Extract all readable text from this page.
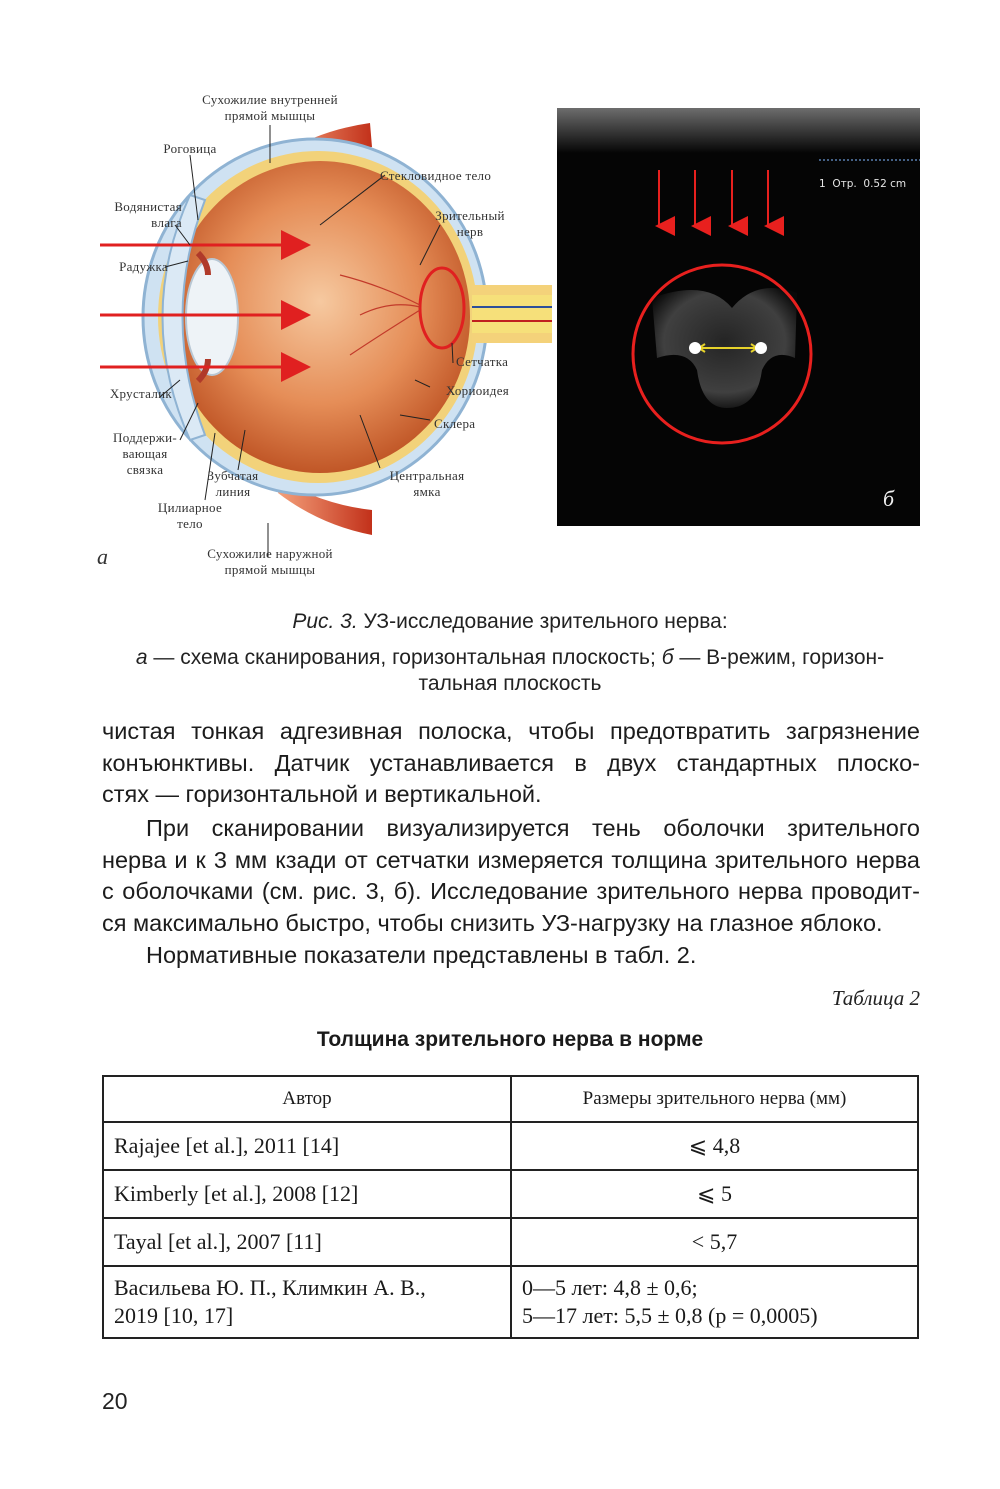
Сухожилие внутренней
прямой мышцы
Роговица
Водянистая
влага
Радужка
Хрусталик
Поддержи-
вающая
связка
Цилиарное
тело
Зубчатая
линия
Сухожилие наружной
прямой мышцы
Стекловидное тело
Зрительный
нерв
Сетчатка
Хориоидея
Склера
Центральная
ямка
а
1  Отр.  0.52 cm
б
Рис. 3. УЗ-исследование зрительного нерва:
а — схема сканирования, горизонтальная плоскость; б — B-режим, горизон-
тальная плоскость
чистая тонкая адгезивная полоска, чтобы предотвратить загрязнение
конъюнктивы. Датчик устанавливается в двух стандартных плоско-
стях — горизонтальной и вертикальной.
При сканировании визуализируется тень оболочки зрительного
нерва и к 3 мм кзади от сетчатки измеряется толщина зрительного нерва
с оболочками (см. рис. 3, б). Исследование зрительного нерва проводит-
ся максимально быстро, чтобы снизить УЗ-нагрузку на глазное яблоко.
Нормативные показатели представлены в табл. 2.
Таблица 2
Толщина зрительного нерва в норме
Автор	Размеры зрительного нерва (мм)
Rajajee [et al.], 2011 [14]	⩽ 4,8
Kimberly [et al.], 2008 [12]	⩽ 5
Tayal [et al.], 2007 [11]	< 5,7
Васильева Ю. П., Климкин А. В.,
2019 [10, 17]	0—5 лет: 4,8 ± 0,6;
5—17 лет: 5,5 ± 0,8 (p = 0,0005)
20
